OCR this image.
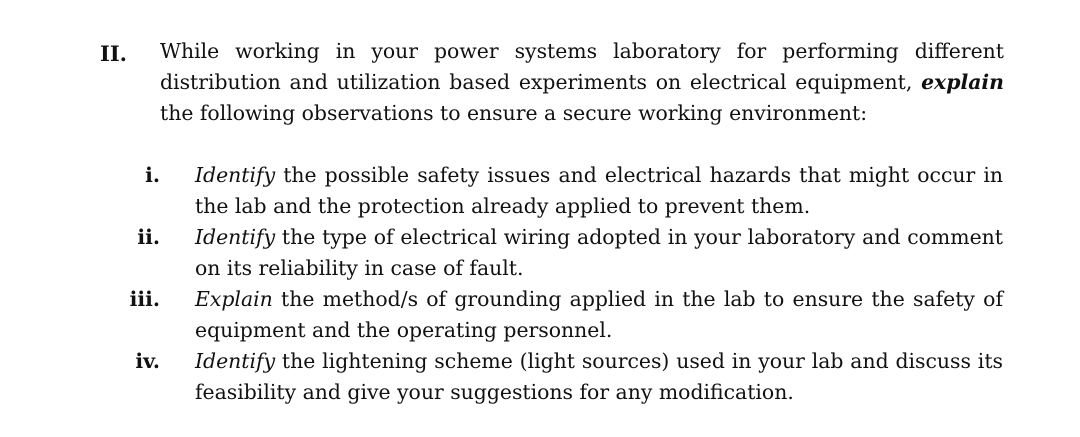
II. While working in your power systems laboratory for performing different distribution and utilization based experiments on electrical equipment, explain the following observations to ensure a secure working environment:

i. Identify the possible safety issues and electrical hazards that might occur in the lab and the protection already applied to prevent them.

ii. Identify the type of electrical wiring adopted in your laboratory and comment on its reliability in case of fault.

iii. Explain the method/s of grounding applied in the lab to ensure the safety of equipment and the operating personnel.

iv. Identify the lightening scheme (light sources) used in your lab and discuss its feasibility and give your suggestions for any modification.
